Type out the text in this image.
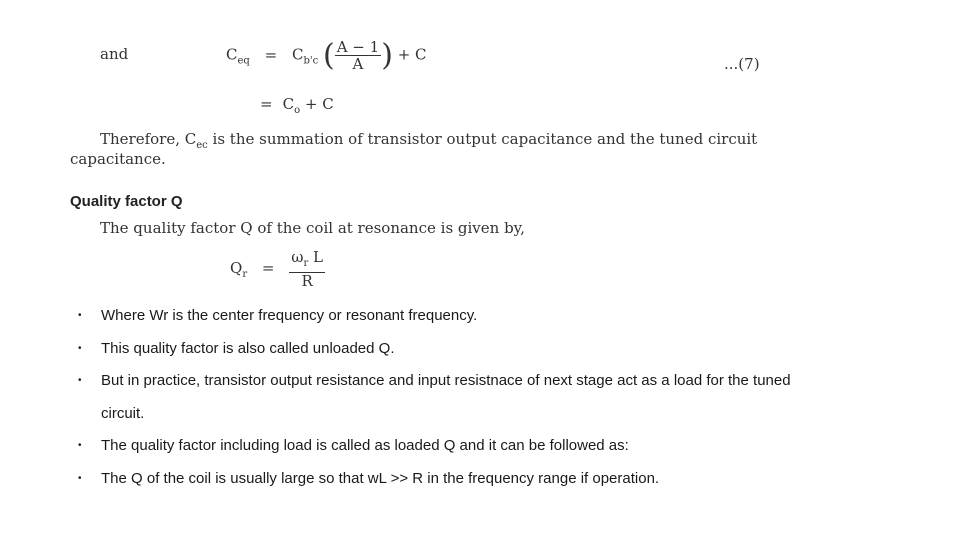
and	$C_{eq} = C_{b'c}$ ( $\frac{A - 1}{A}$ ) + C
...(7)
= $C_o + C$
Therefore, $C_{ec}$ is the summation of transistor output capacitance and the tuned circuit
capacitance.
Quality factor Q
The quality factor Q of the coil at resonance is given by,
$Q_r = \frac{\omega_r L}{R}$
• Where Wr is the center frequency or resonant frequency.
• This quality factor is also called unloaded Q.
• But in practice, transistor output resistance and input resistnace of next stage act as a load for the tuned
circuit.
• The quality factor including load is called as loaded Q and it can be followed as:
• The Q of the coil is usually large so that wL >> R in the frequency range if operation.
